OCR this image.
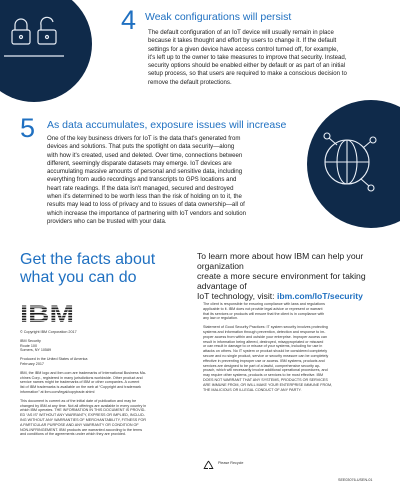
4 Weak configurations will persist
The default configuration of an IoT device will usually remain in place
because it takes thought and effort by users to change it. If the default
settings for a given device have access control turned off, for example,
it's left up to the owner to take measures to improve that security. Instead,
security options should be enabled either by default or as part of an initial
setup process, so that users are required to make a conscious decision to
remove the default protections.
5 As data accumulates, exposure issues will increase
One of the key business drivers for IoT is the data that's generated from
devices and solutions. That puts the spotlight on data security—along
with how it's created, used and deleted. Over time, connections between
different, seemingly disparate datasets may emerge. IoT devices are
accumulating massive amounts of personal and sensitive data, including
everything from audio recordings and transcripts to GPS locations and
heart rate readings. If the data isn't managed, secured and destroyed
when it's determined to be worth less than the risk of holding on to it, the
results may lead to loss of privacy and to issues of data ownership—all of
which increase the importance of partnering with IoT vendors and solution
providers who can be trusted with your data.
Get the facts about
what you can do
To learn more about how IBM can help your organization
create a more secure environment for taking advantage of
IoT technology, visit: ibm.com/IoT/security
IBM
© Copyright IBM Corporation 2017
IBM Security
Route 100
Somers, NY 10589
Produced in the United States of America
February 2017
IBM, the IBM logo and ibm.com are trademarks of International Business Ma-
chines Corp., registered in many jurisdictions worldwide. Other product and
service names might be trademarks of IBM or other companies. A current
list of IBM trademarks is available on the web at “Copyright and trademark
information” at ibm.com/legal/copytrade.shtml
This document is current as of the initial date of publication and may be
changed by IBM at any time. Not all offerings are available in every country in
which IBM operates. THE INFORMATION IN THIS DOCUMENT IS PROVID-
ED “AS IS” WITHOUT ANY WARRANTY, EXPRESS OR IMPLIED, INCLUD-
ING WITHOUT ANY WARRANTIES OF MERCHANTABILITY, FITNESS FOR
A PARTICULAR PURPOSE AND ANY WARRANTY OR CONDITION OF
NON-INFRINGEMENT. IBM products are warranted according to the terms
and conditions of the agreements under which they are provided.
The client is responsible for ensuring compliance with laws and regulations
applicable to it. IBM does not provide legal advice or represent or warrant
that its services or products will ensure that the client is in compliance with
any law or regulation.
Statement of Good Security Practices: IT system security involves protecting
systems and information through prevention, detection and response to im-
proper access from within and outside your enterprise. Improper access can
result in information being altered, destroyed, misappropriated or misused
or can result in damage to or misuse of your systems, including for use in
attacks on others. No IT system or product should be considered completely
secure and no single product, service or security measure can be completely
effective in preventing improper use or access. IBM systems, products and
services are designed to be part of a lawful, comprehensive security ap-
proach, which will necessarily involve additional operational procedures, and
may require other systems, products or services to be most effective. IBM
DOES NOT WARRANT THAT ANY SYSTEMS, PRODUCTS OR SERVICES
ARE IMMUNE FROM, OR WILL MAKE YOUR ENTERPRISE IMMUNE FROM,
THE MALICIOUS OR ILLEGAL CONDUCT OF ANY PARTY.
Please Recycle
SEE03076-USEN-01
